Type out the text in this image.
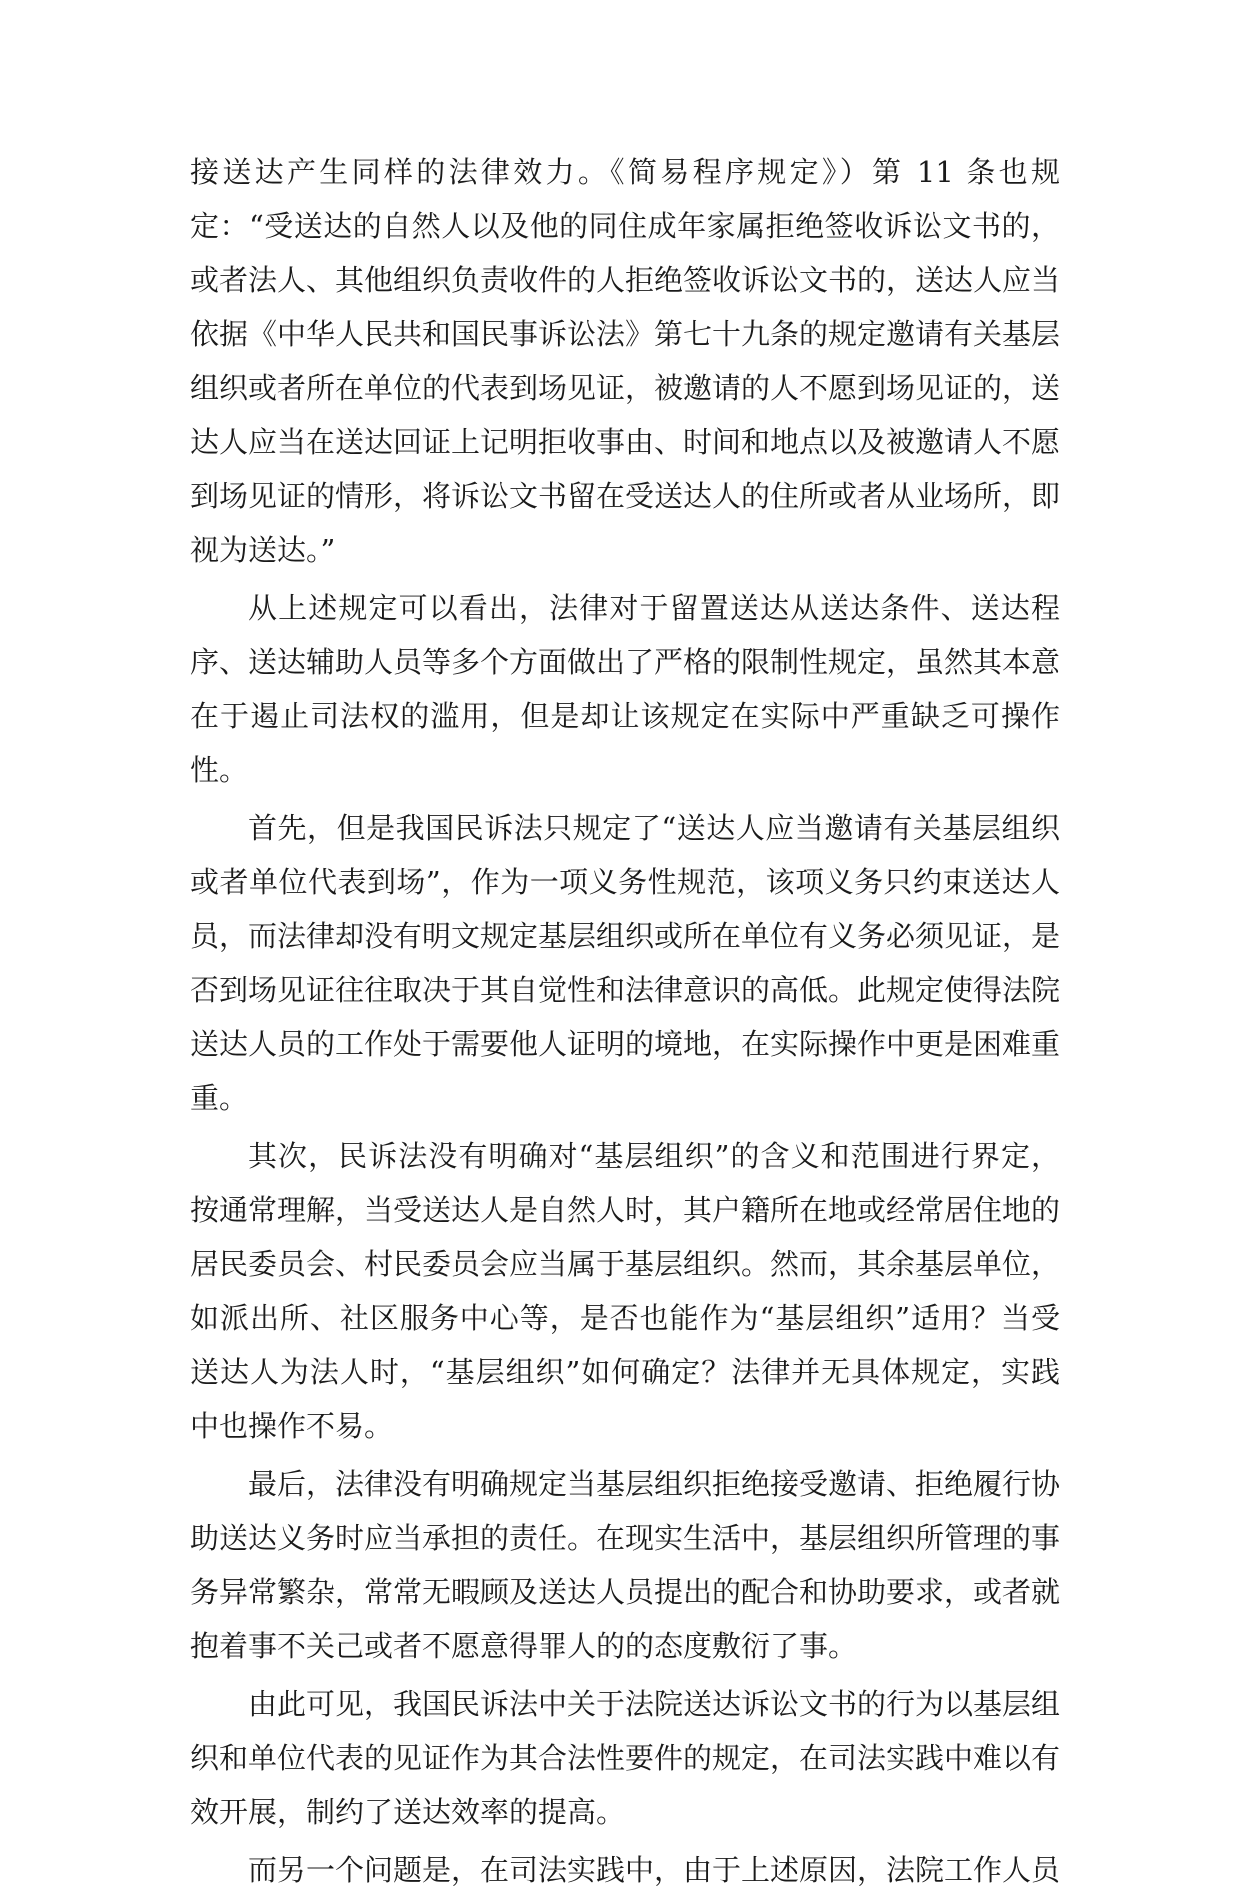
接送达产生同样的法律效力。《简易程序规定》）第 11 条也规定：“受送达的自然人以及他的同住成年家属拒绝签收诉讼文书的，或者法人、其他组织负责收件的人拒绝签收诉讼文书的，送达人应当依据《中华人民共和国民事诉讼法》第七十九条的规定邀请有关基层组织或者所在单位的代表到场见证，被邀请的人不愿到场见证的，送达人应当在送达回证上记明拒收事由、时间和地点以及被邀请人不愿到场见证的情形，将诉讼文书留在受送达人的住所或者从业场所，即视为送达。”

从上述规定可以看出，法律对于留置送达从送达条件、送达程序、送达辅助人员等多个方面做出了严格的限制性规定，虽然其本意在于遏止司法权的滥用，但是却让该规定在实际中严重缺乏可操作性。

首先，但是我国民诉法只规定了“送达人应当邀请有关基层组织或者单位代表到场”，作为一项义务性规范，该项义务只约束送达人员，而法律却没有明文规定基层组织或所在单位有义务必须见证，是否到场见证往往取决于其自觉性和法律意识的高低。此规定使得法院送达人员的工作处于需要他人证明的境地，在实际操作中更是困难重重。

其次，民诉法没有明确对“基层组织”的含义和范围进行界定，按通常理解，当受送达人是自然人时，其户籍所在地或经常居住地的居民委员会、村民委员会应当属于基层组织。然而，其余基层单位，如派出所、社区服务中心等，是否也能作为“基层组织”适用？当受送达人为法人时，“基层组织”如何确定？法律并无具体规定，实践中也操作不易。

最后，法律没有明确规定当基层组织拒绝接受邀请、拒绝履行协助送达义务时应当承担的责任。在现实生活中，基层组织所管理的事务异常繁杂，常常无暇顾及送达人员提出的配合和协助要求，或者就抱着事不关己或者不愿意得罪人的的态度敷衍了事。

由此可见，我国民诉法中关于法院送达诉讼文书的行为以基层组织和单位代表的见证作为其合法性要件的规定，在司法实践中难以有效开展，制约了送达效率的提高。

而另一个问题是，在司法实践中，由于上述原因，法院工作人员
